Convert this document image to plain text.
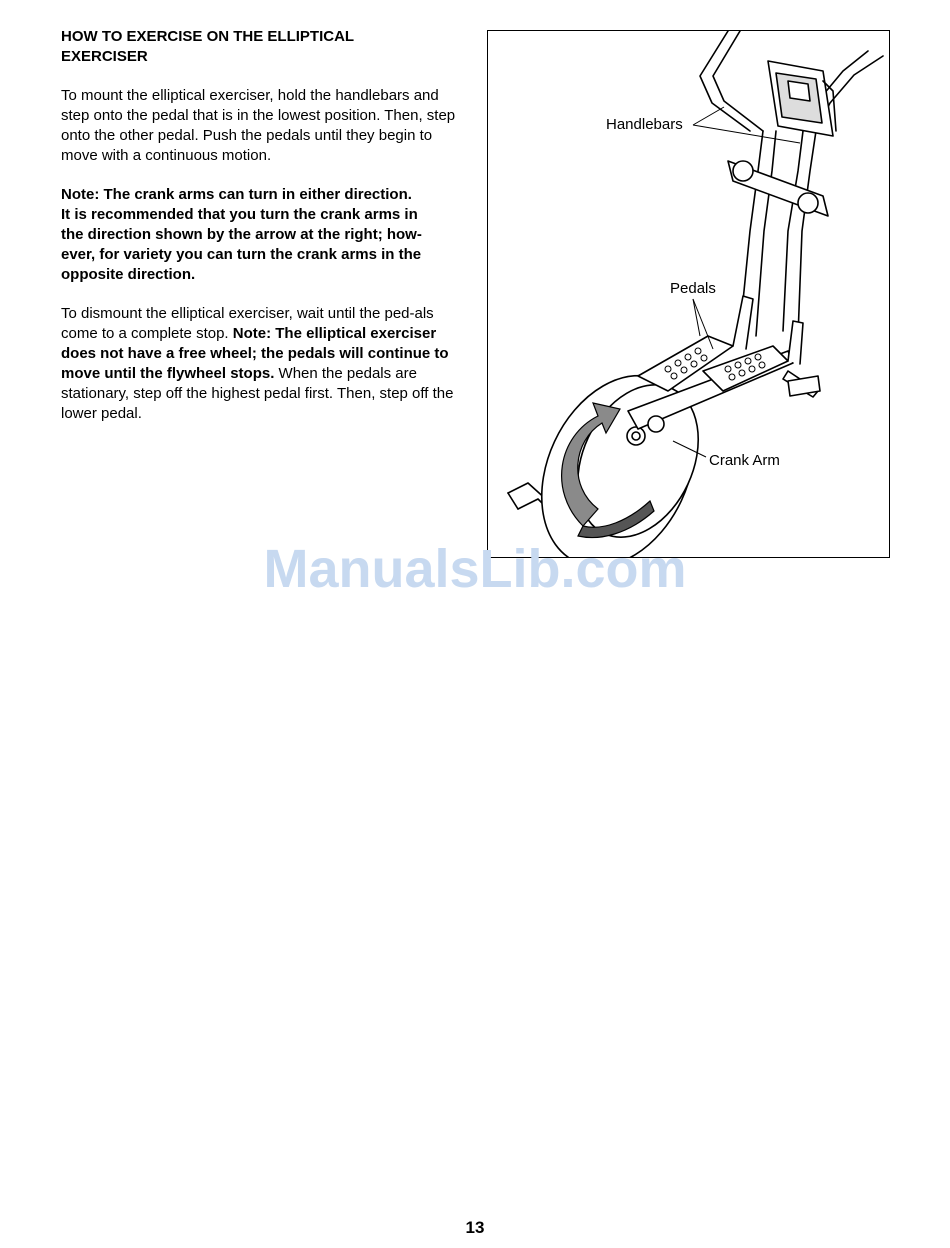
HOW TO EXERCISE ON THE ELLIPTICAL
EXERCISER

To mount the elliptical exerciser, hold the handlebars and step onto the pedal that is in the lowest position. Then, step onto the other pedal. Push the pedals until they begin to move with a continuous motion.

Note: The crank arms can turn in either direction.
It is recommended that you turn the crank arms in
the direction shown by the arrow at the right; how-
ever, for variety you can turn the crank arms in the
opposite direction.

To dismount the elliptical exerciser, wait until the ped-als come to a complete stop. Note: The elliptical exerciser does not have a free wheel; the pedals will continue to move until the flywheel stops. When the pedals are stationary, step off the highest pedal first. Then, step off the lower pedal.

Handlebars
Pedals
Crank Arm
ManualsLib.com
13
